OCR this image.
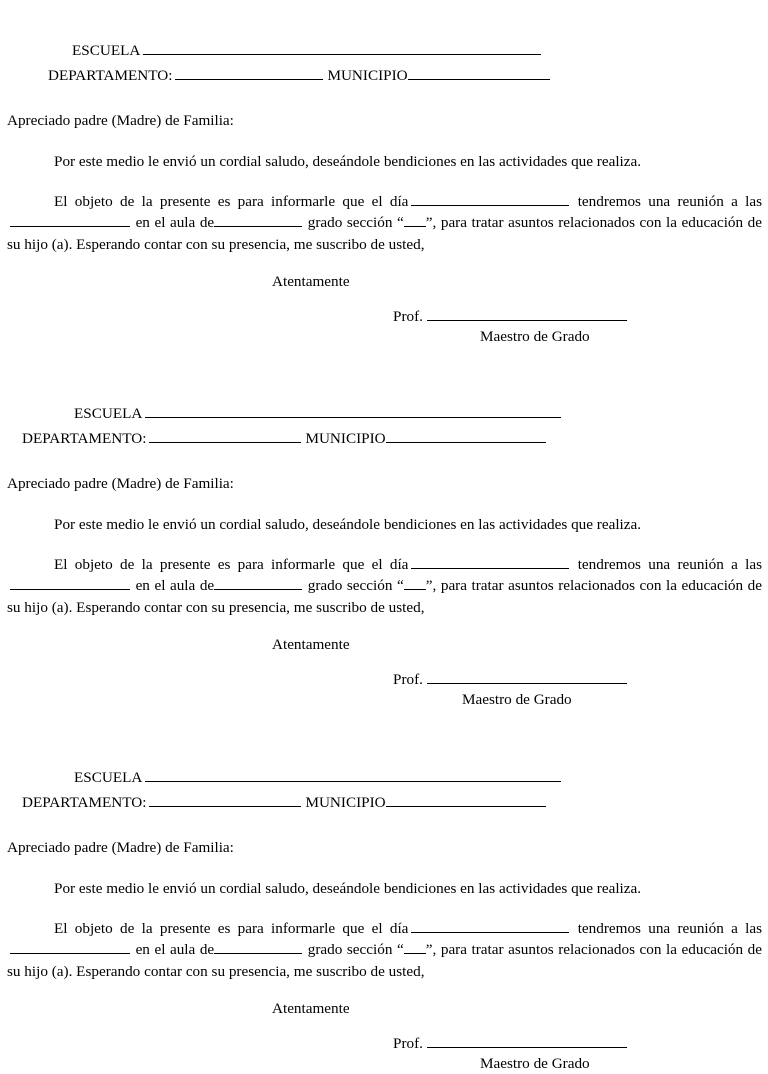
ESCUELA
DEPARTAMENTO:	MUNICIPIO
Apreciado padre (Madre) de Familia:
Por este medio le envió un cordial saludo, deseándole bendiciones en las actividades que realiza.
El objeto de la presente es para informarle que el día	tendremos una reunión a las en el aula de	grado sección “ ”, para tratar asuntos relacionados con la educación de su hijo (a). Esperando contar con su presencia, me suscribo de usted,
Atentamente
Prof.
Maestro de Grado
ESCUELA
DEPARTAMENTO:	MUNICIPIO
Apreciado padre (Madre) de Familia:
Por este medio le envió un cordial saludo, deseándole bendiciones en las actividades que realiza.
El objeto de la presente es para informarle que el día	tendremos una reunión a las en el aula de	grado sección “ ”, para tratar asuntos relacionados con la educación de su hijo (a). Esperando contar con su presencia, me suscribo de usted,
Atentamente
Prof.
Maestro de Grado
ESCUELA
DEPARTAMENTO:	MUNICIPIO
Apreciado padre (Madre) de Familia:
Por este medio le envió un cordial saludo, deseándole bendiciones en las actividades que realiza.
El objeto de la presente es para informarle que el día	tendremos una reunión a las en el aula de	grado sección “ ”, para tratar asuntos relacionados con la educación de su hijo (a). Esperando contar con su presencia, me suscribo de usted,
Atentamente
Prof.
Maestro de Grado
